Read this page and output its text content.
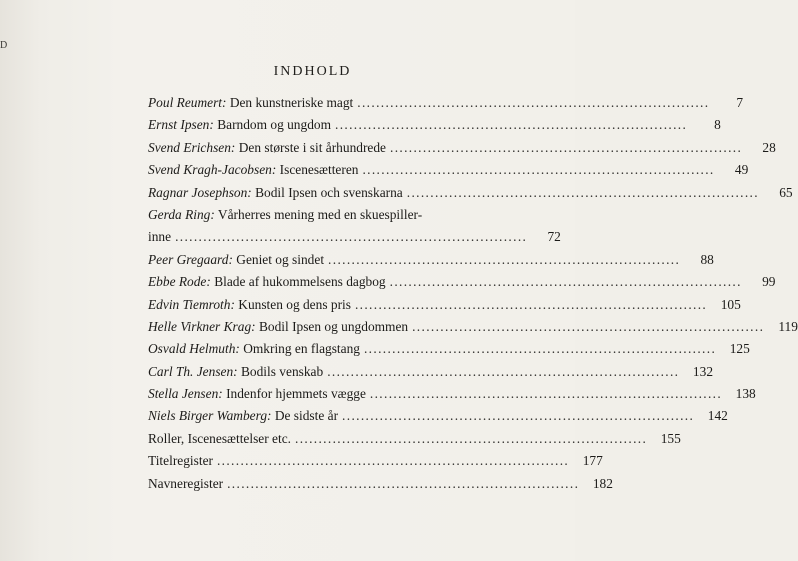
D
INDHOLD
Poul Reumert: Den kunstneriske magt . . .	7
Ernst Ipsen: Barndom og ungdom . . .	8
Svend Erichsen: Den største i sit århundrede . . .	28
Svend Kragh-Jacobsen: Iscenesætteren . . .	49
Ragnar Josephson: Bodil Ipsen och svenskarna . . .	65
Gerda Ring: Vårherres mening med en skuespiller-
inne . . .	72
Peer Gregaard: Geniet og sindet . . .	88
Ebbe Rode: Blade af hukommelsens dagbog . . .	99
Edvin Tiemroth: Kunsten og dens pris . . .	105
Helle Virkner Krag: Bodil Ipsen og ungdommen . . .	119
Osvald Helmuth: Omkring en flagstang . . .	125
Carl Th. Jensen: Bodils venskab . . .	132
Stella Jensen: Indenfor hjemmets vægge . . .	138
Niels Birger Wamberg: De sidste år . . .	142
Roller, Iscenesættelser etc. . . .	155
Titelregister . . .	177
Navneregister . . .	182
